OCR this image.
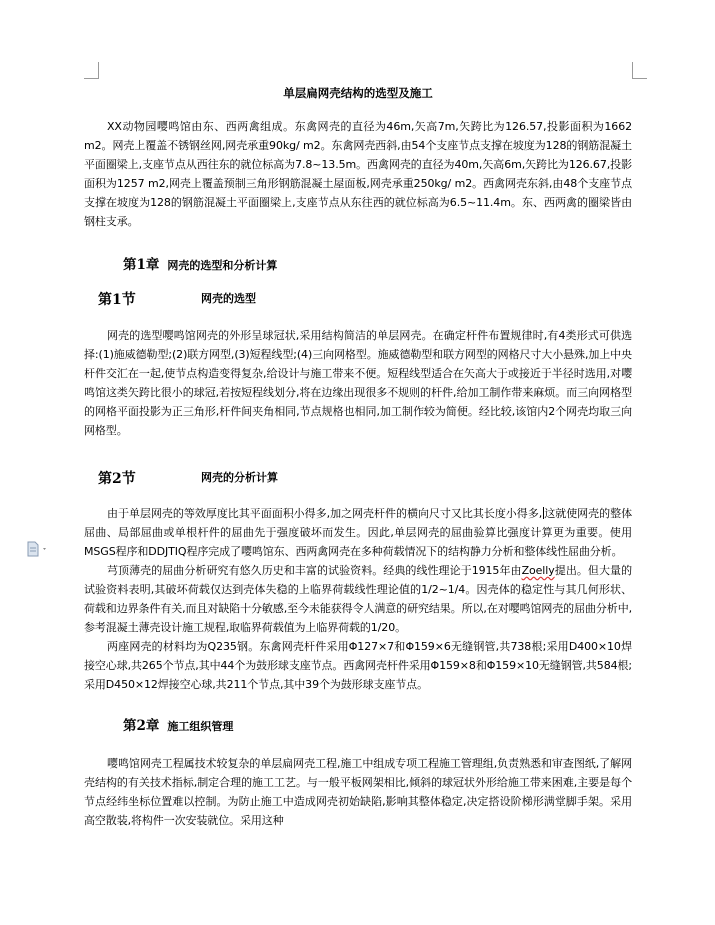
单层扁网壳结构的选型及施工

XX动物园嘤鸣馆由东、西两禽组成。东禽网壳的直径为46m,矢高7m,矢跨比为126.57,投影面积为1662 m2。网壳上覆盖不锈钢丝网,网壳承重90kg/ m2。东禽网壳西斜,由54个支座节点支撑在坡度为128的钢筋混凝土平面圈梁上,支座节点从西往东的就位标高为7.8~13.5m。西禽网壳的直径为40m,矢高6m,矢跨比为126.67,投影面积为1257 m2,网壳上覆盖预制三角形钢筋混凝土屋面板,网壳承重250kg/ m2。西禽网壳东斜,由48个支座节点支撑在坡度为128的钢筋混凝土平面圈梁上,支座节点从东往西的就位标高为6.5~11.4m。东、西两禽的圈梁皆由钢柱支承。

第1章 网壳的选型和分析计算
第1节	网壳的选型

网壳的选型嘤鸣馆网壳的外形呈球冠状,采用结构简洁的单层网壳。在确定杆件布置规律时,有4类形式可供选择:(1)施威德勒型;(2)联方网型,(3)短程线型;(4)三向网格型。施威德勒型和联方网型的网格尺寸大小悬殊,加上中央杆件交汇在一起,使节点构造变得复杂,给设计与施工带来不便。短程线型适合在矢高大于或接近于半径时选用,对嘤鸣馆这类矢跨比很小的球冠,若按短程线划分,将在边缘出现很多不规则的杆件,给加工制作带来麻烦。而三向网格型的网格平面投影为正三角形,杆件间夹角相同,节点规格也相同,加工制作较为简便。经比较,该馆内2个网壳均取三向网格型。

第2节	网壳的分析计算

由于单层网壳的等效厚度比其平面面积小得多,加之网壳杆件的横向尺寸又比其长度小得多, 这就使网壳的整体屈曲、局部屈曲或单根杆件的屈曲先于强度破坏而发生。因此,单层网壳的屈曲验算比强度计算更为重要。使用MSGS程序和DDJTIQ程序完成了嘤鸣馆东、西两禽网壳在多种荷载情况下的结构静力分析和整体线性屈曲分析。

芎顶薄壳的屈曲分析研究有悠久历史和丰富的试验资料。经典的线性理论于1915年由Zoelly提出。但大量的试验资料表明,其破坏荷载仅达到壳体失稳的上临界荷载线性理论值的1/2~1/4。因壳体的稳定性与其几何形状、荷载和边界条件有关,而且对缺陷十分敏感,至今未能获得令人满意的研究结果。所以,在对嘤鸣馆网壳的屈曲分析中,参考混凝土薄壳设计施工规程,取临界荷载值为上临界荷载的1/20。

两座网壳的材料均为Q235钢。东禽网壳杆件采用Φ127×7和Φ159×6无缝钢管,共738根;采用D400×10焊接空心球,共265个节点,其中44个为鼓形球支座节点。西禽网壳杆件采用Φ159×8和Φ159×10无缝钢管,共584根;采用D450×12焊接空心球,共211个节点,其中39个为鼓形球支座节点。

第2章 施工组织管理

嘤鸣馆网壳工程属技术较复杂的单层扁网壳工程,施工中组成专项工程施工管理组,负责熟悉和审查图纸,了解网壳结构的有关技术指标,制定合理的施工工艺。与一般平板网架相比,倾斜的球冠状外形给施工带来困难,主要是每个节点经纬坐标位置难以控制。为防止施工中造成网壳初始缺陷,影响其整体稳定,决定搭设阶梯形满堂脚手架。采用高空散装,将构件一次安装就位。采用这种
